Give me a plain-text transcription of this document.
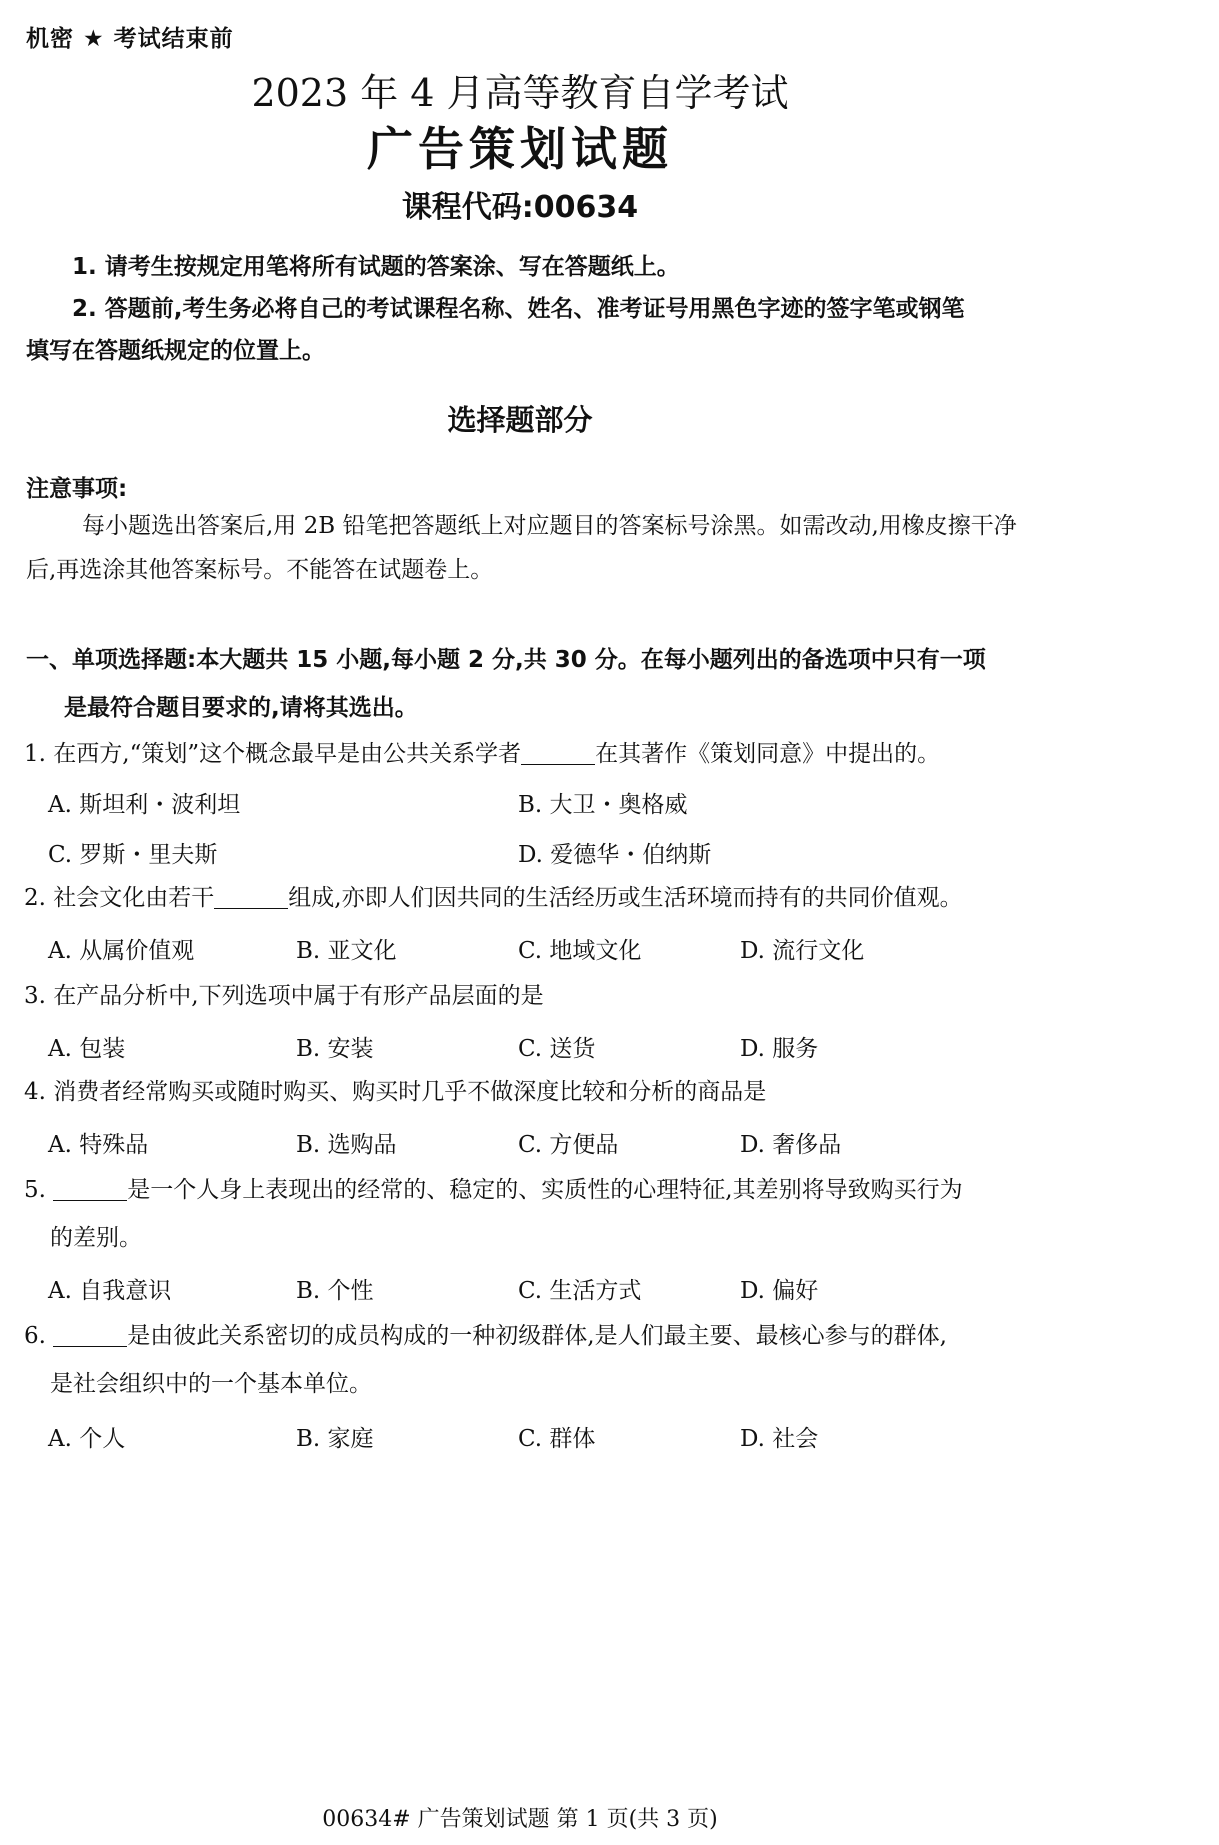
机密 ★ 考试结束前
2023 年 4 月高等教育自学考试
广告策划试题
课程代码:00634
1. 请考生按规定用笔将所有试题的答案涂、写在答题纸上。
2. 答题前,考生务必将自己的考试课程名称、姓名、准考证号用黑色字迹的签字笔或钢笔
填写在答题纸规定的位置上。
选择题部分
注意事项:
每小题选出答案后,用 2B 铅笔把答题纸上对应题目的答案标号涂黑。如需改动,用橡皮擦干净后,再选涂其他答案标号。不能答在试题卷上。
一、单项选择题:本大题共 15 小题,每小题 2 分,共 30 分。在每小题列出的备选项中只有一项
是最符合题目要求的,请将其选出。
1. 在西方,“策划”这个概念最早是由公共关系学者	在其著作《策划同意》中提出的。
A. 斯坦利・波利坦	B. 大卫・奥格威
C. 罗斯・里夫斯	D. 爱德华・伯纳斯
2. 社会文化由若干	组成,亦即人们因共同的生活经历或生活环境而持有的共同价值观。
A. 从属价值观	B. 亚文化	C. 地域文化	D. 流行文化
3. 在产品分析中,下列选项中属于有形产品层面的是
A. 包装	B. 安装	C. 送货	D. 服务
4. 消费者经常购买或随时购买、购买时几乎不做深度比较和分析的商品是
A. 特殊品	B. 选购品	C. 方便品	D. 奢侈品
5.	是一个人身上表现出的经常的、稳定的、实质性的心理特征,其差别将导致购买行为
的差别。
A. 自我意识	B. 个性	C. 生活方式	D. 偏好
6.	是由彼此关系密切的成员构成的一种初级群体,是人们最主要、最核心参与的群体,
是社会组织中的一个基本单位。
A. 个人	B. 家庭	C. 群体	D. 社会
00634# 广告策划试题 第 1 页(共 3 页)
